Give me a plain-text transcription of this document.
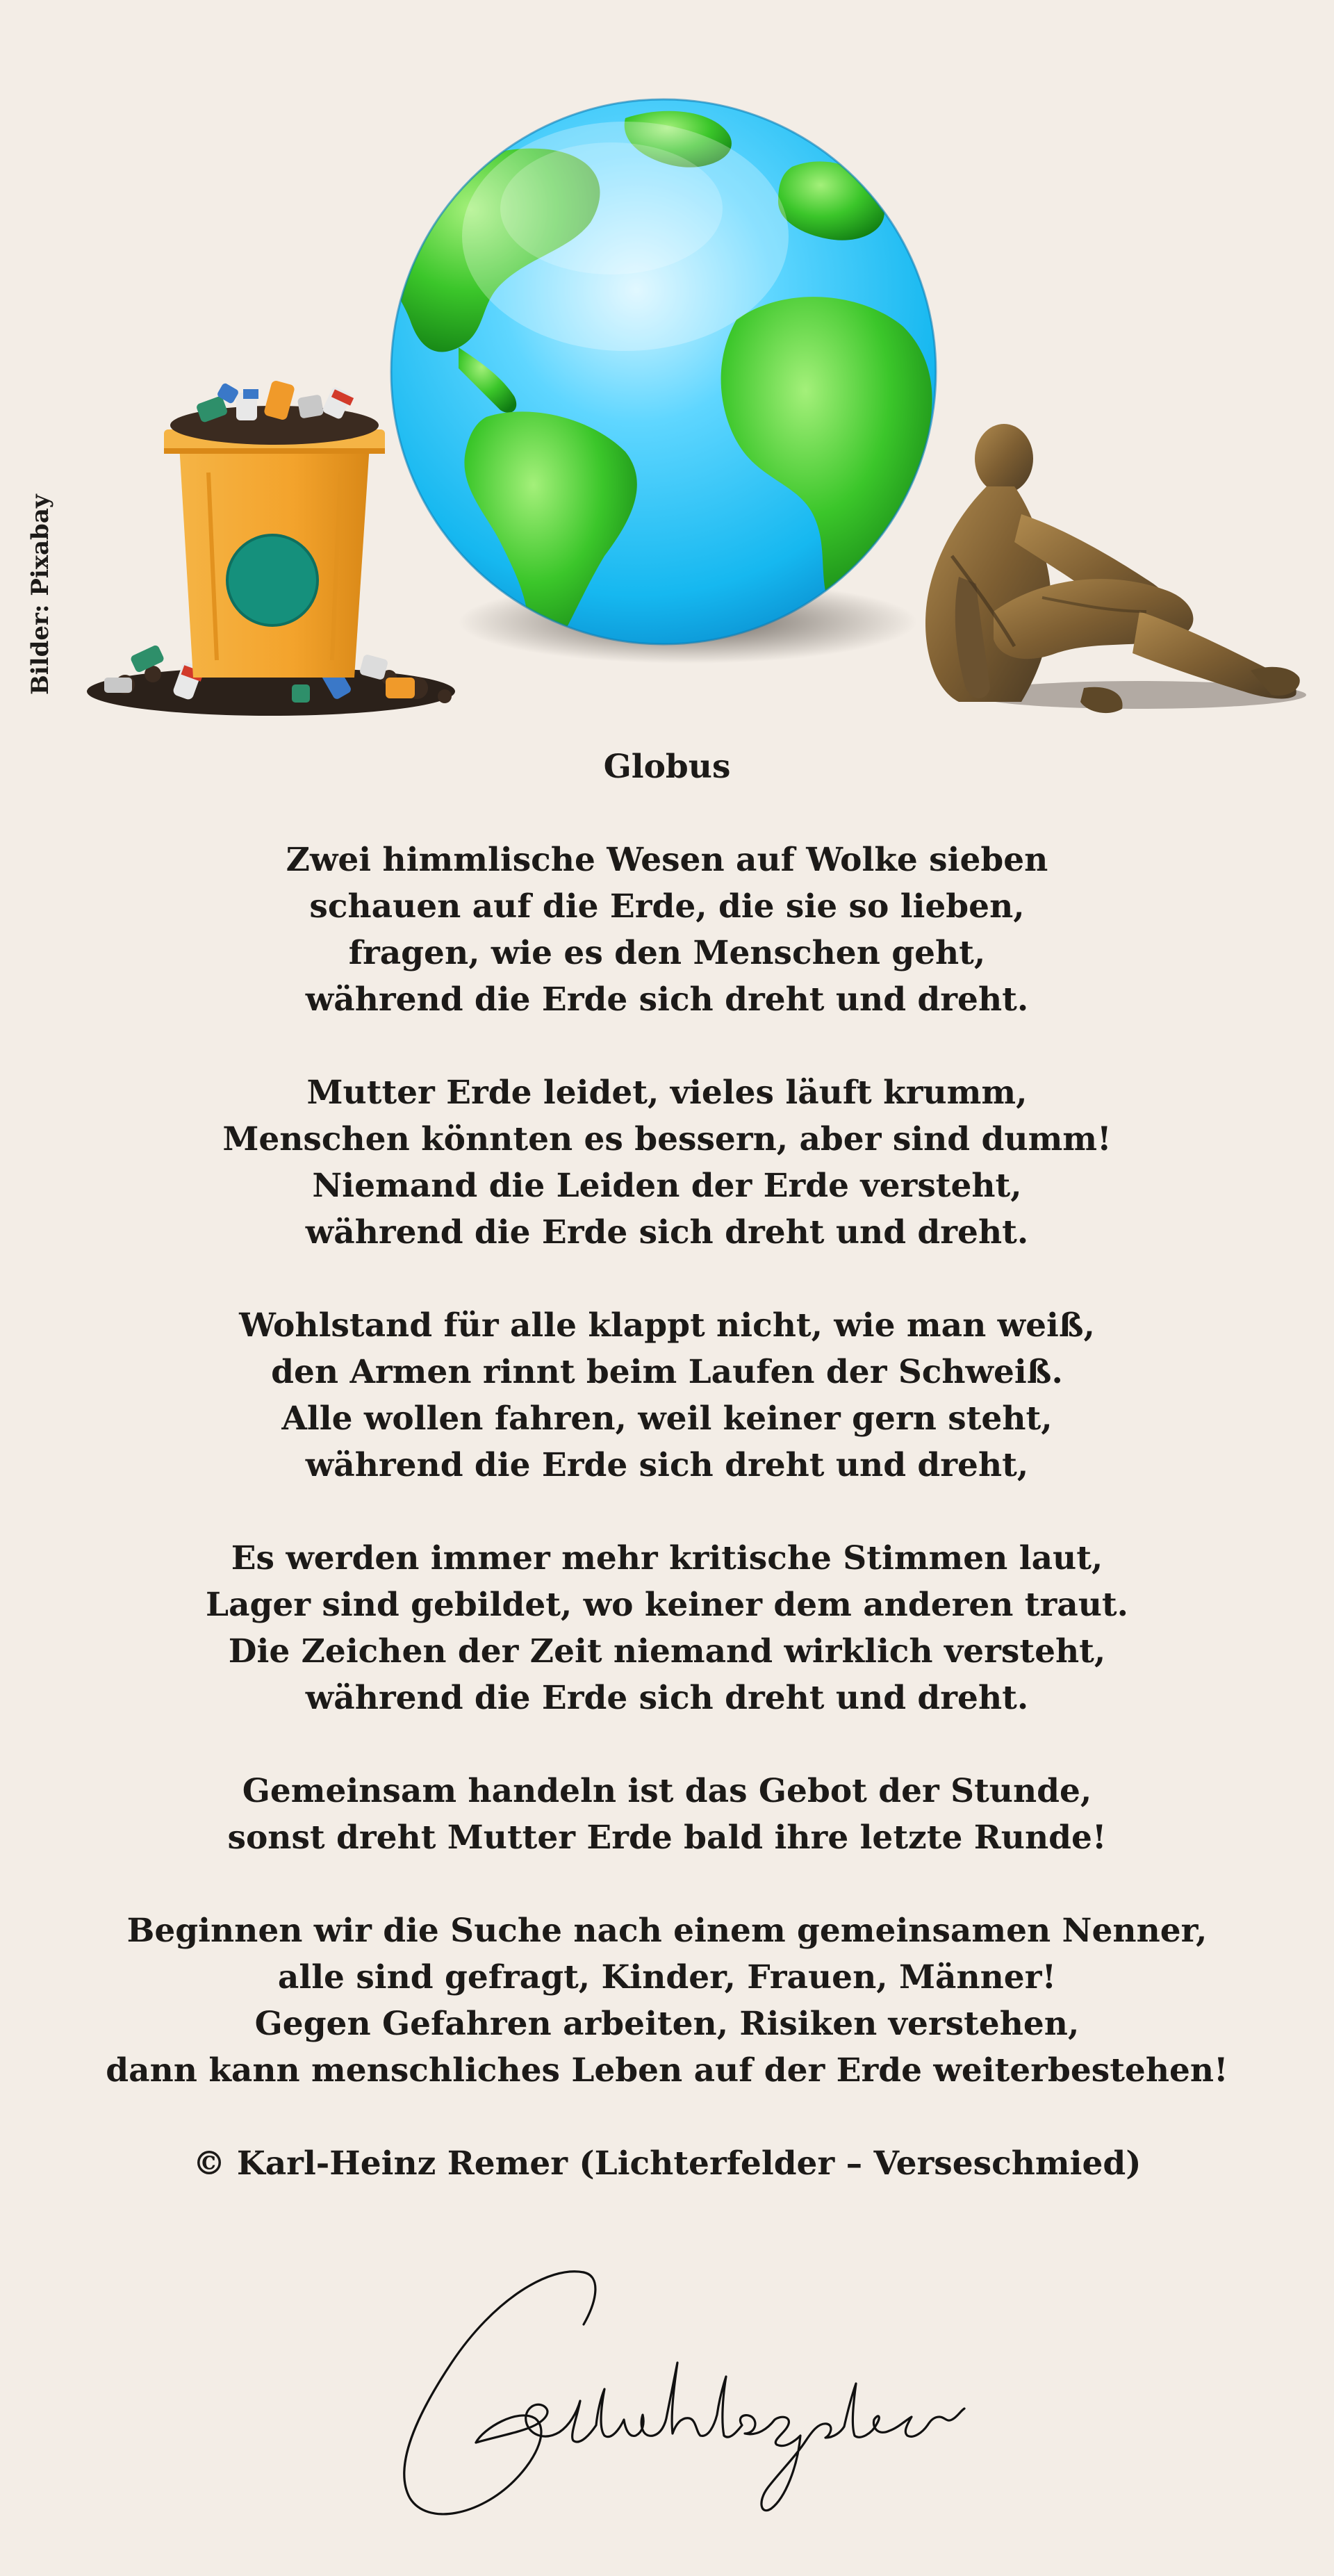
Bilder: Pixabay
Globus
Zwei himmlische Wesen auf Wolke sieben
schauen auf die Erde, die sie so lieben,
fragen, wie es den Menschen geht,
während die Erde sich dreht und dreht.
Mutter Erde leidet, vieles läuft krumm,
Menschen könnten es bessern, aber sind dumm!
Niemand die Leiden der Erde versteht,
während die Erde sich dreht und dreht.
Wohlstand für alle klappt nicht, wie man weiß,
den Armen rinnt beim Laufen der Schweiß.
Alle wollen fahren, weil keiner gern steht,
während die Erde sich dreht und dreht,
Es werden immer mehr kritische Stimmen laut,
Lager sind gebildet, wo keiner dem anderen traut.
Die Zeichen der Zeit niemand wirklich versteht,
während die Erde sich dreht und dreht.
Gemeinsam handeln ist das Gebot der Stunde,
sonst dreht Mutter Erde bald ihre letzte Runde!
Beginnen wir die Suche nach einem gemeinsamen Nenner,
alle sind gefragt, Kinder, Frauen, Männer!
Gegen Gefahren arbeiten, Risiken verstehen,
dann kann menschliches Leben auf der Erde weiterbestehen!
© Karl-Heinz Remer (Lichterfelder – Verseschmied)
